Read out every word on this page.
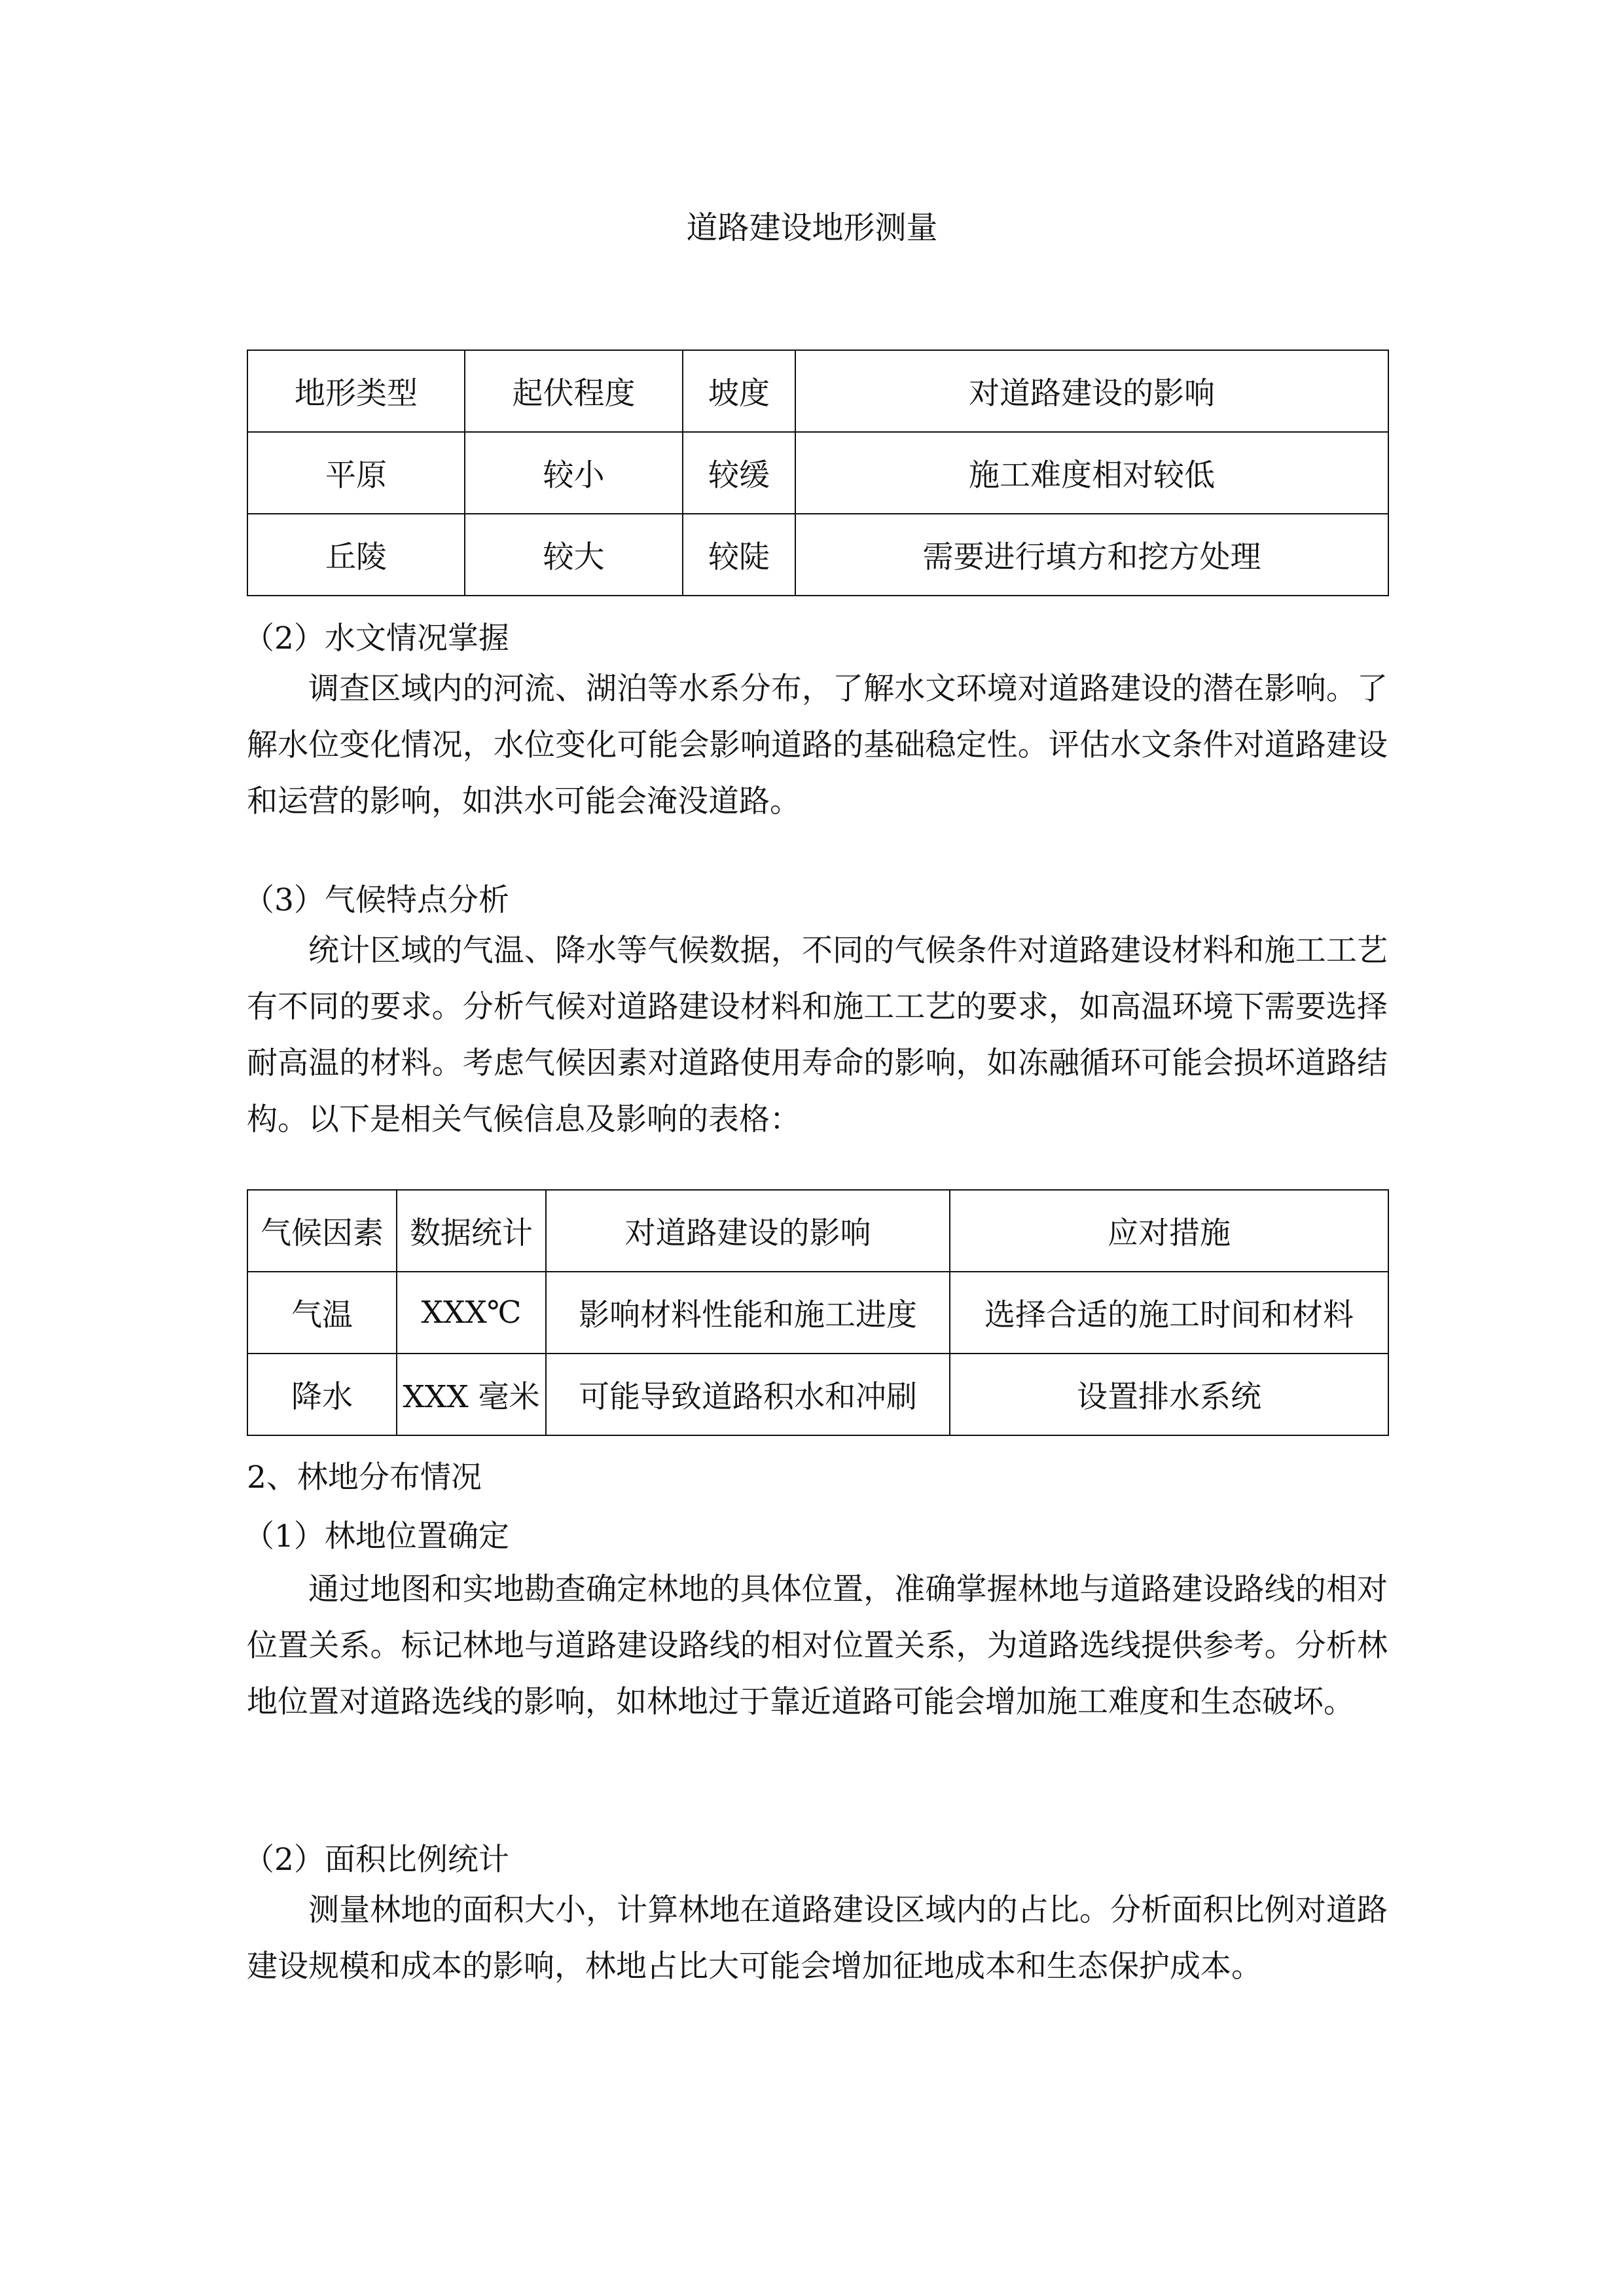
道路建设地形测量
地形类型	起伏程度	坡度	对道路建设的影响
平原	较小	较缓	施工难度相对较低
丘陵	较大	较陡	需要进行填方和挖方处理
（2）水文情况掌握

调查区域内的河流、湖泊等水系分布，了解水文环境对道路建设的潜在影响。了解水位变化情况，水位变化可能会影响道路的基础稳定性。评估水文条件对道路建设和运营的影响，如洪水可能会淹没道路。

（3）气候特点分析

统计区域的气温、降水等气候数据，不同的气候条件对道路建设材料和施工工艺有不同的要求。分析气候对道路建设材料和施工工艺的要求，如高温环境下需要选择耐高温的材料。考虑气候因素对道路使用寿命的影响，如冻融循环可能会损坏道路结构。以下是相关气候信息及影响的表格：

气候因素	数据统计	对道路建设的影响	应对措施
气温	XXX℃	影响材料性能和施工进度	选择合适的施工时间和材料
降水	XXX 毫米	可能导致道路积水和冲刷	设置排水系统
2、林地分布情况
（1）林地位置确定

通过地图和实地勘查确定林地的具体位置，准确掌握林地与道路建设路线的相对位置关系。标记林地与道路建设路线的相对位置关系，为道路选线提供参考。分析林地位置对道路选线的影响，如林地过于靠近道路可能会增加施工难度和生态破坏。

（2）面积比例统计

测量林地的面积大小，计算林地在道路建设区域内的占比。分析面积比例对道路建设规模和成本的影响，林地占比大可能会增加征地成本和生态保护成本。
